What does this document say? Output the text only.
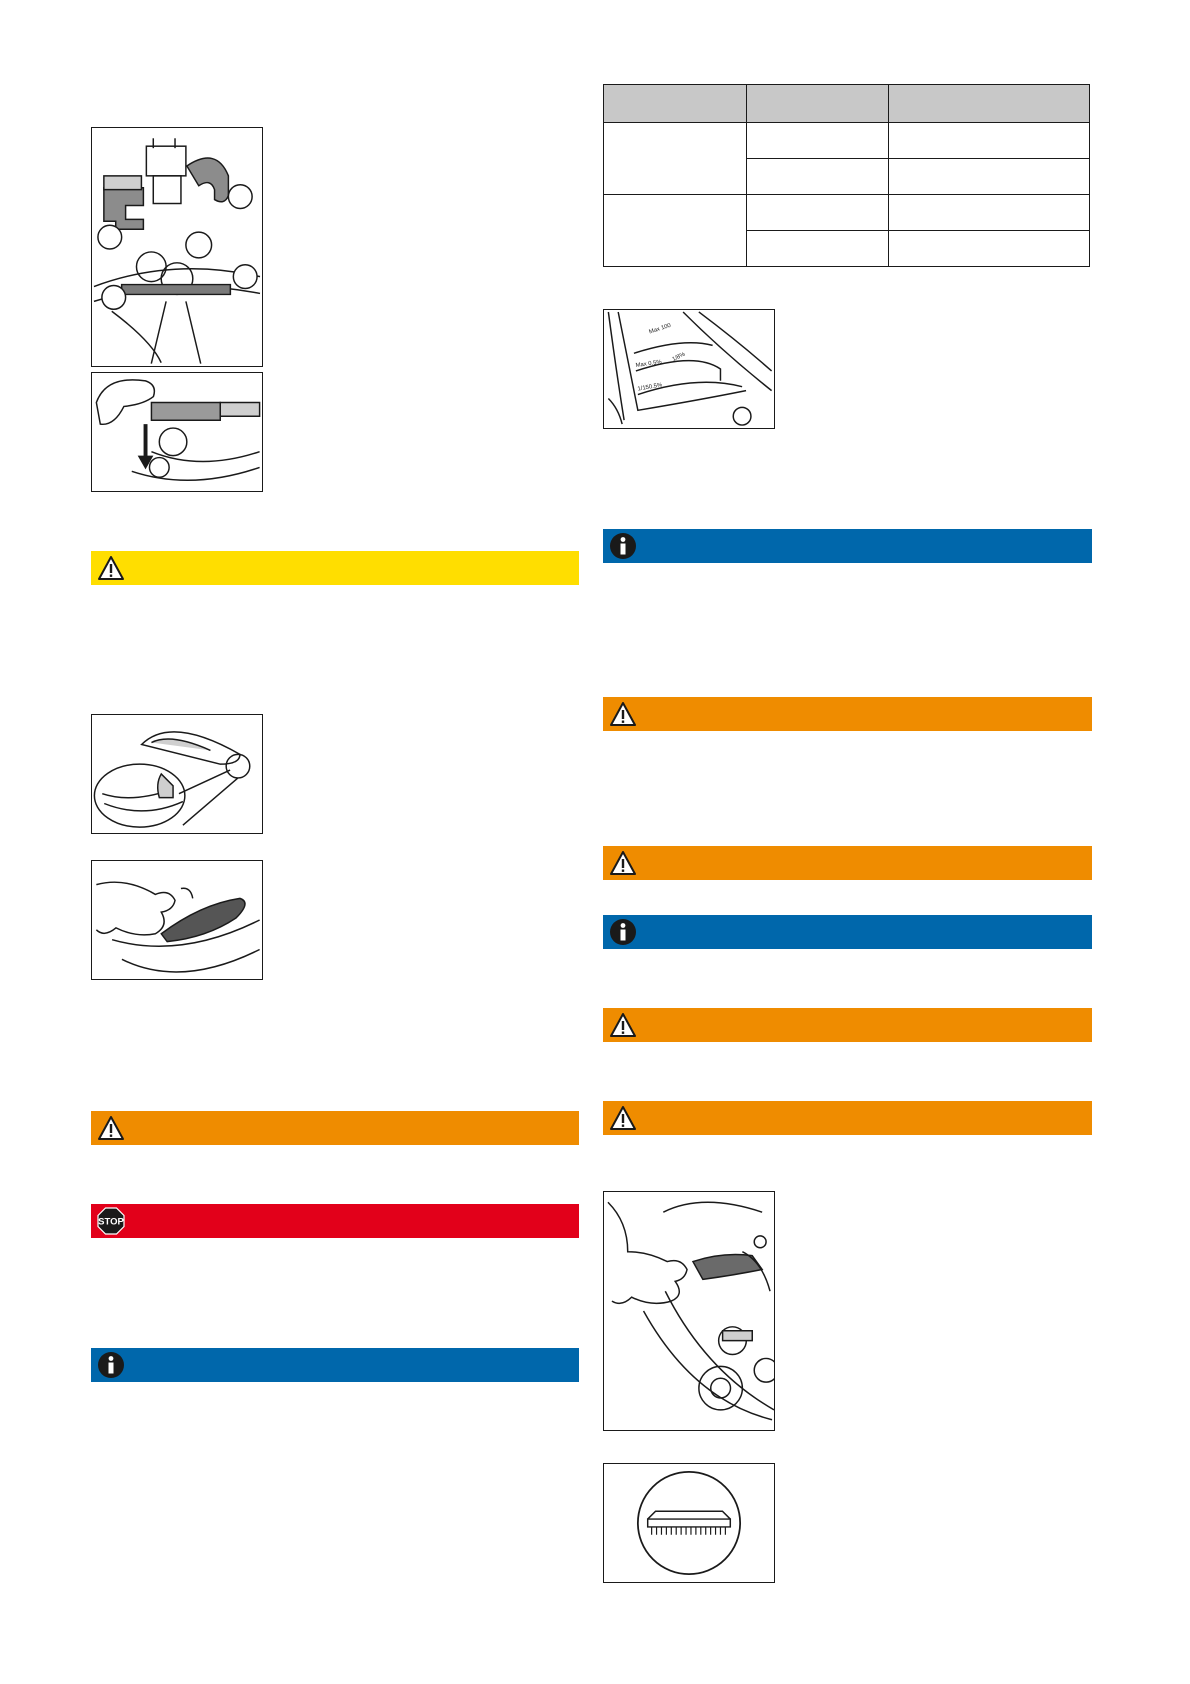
STOP

Max 100
Max 0.5%
1/8%
1/150.5%
